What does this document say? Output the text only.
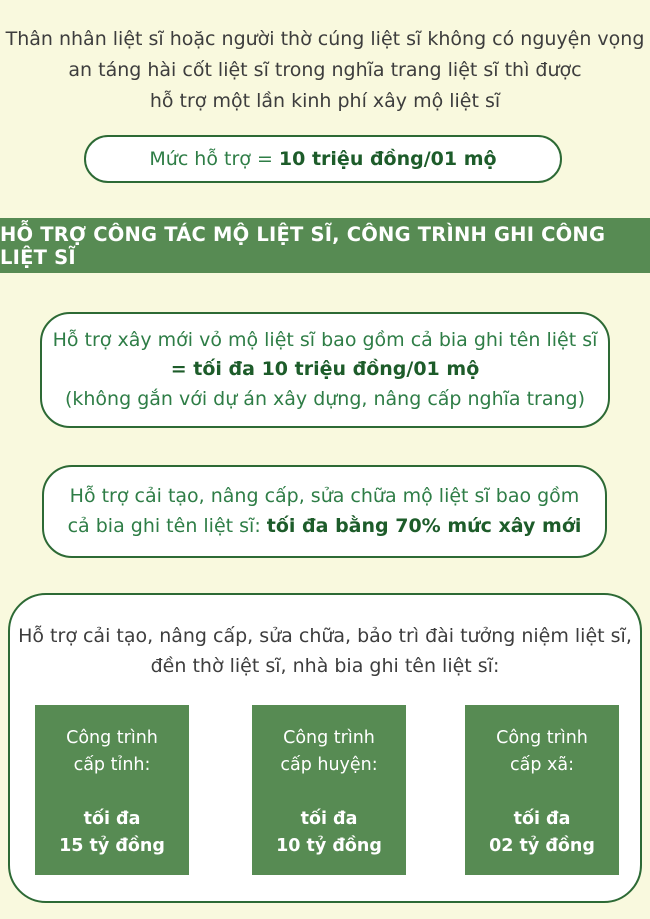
Thân nhân liệt sĩ hoặc người thờ cúng liệt sĩ không có nguyện vọng
an táng hài cốt liệt sĩ trong nghĩa trang liệt sĩ thì được
hỗ trợ một lần kinh phí xây mộ liệt sĩ
Mức hỗ trợ = 10 triệu đồng/01 mộ
HỖ TRỢ CÔNG TÁC MỘ LIỆT SĨ, CÔNG TRÌNH GHI CÔNG LIỆT SĨ
Hỗ trợ xây mới vỏ mộ liệt sĩ bao gồm cả bia ghi tên liệt sĩ
= tối đa 10 triệu đồng/01 mộ
(không gắn với dự án xây dựng, nâng cấp nghĩa trang)
Hỗ trợ cải tạo, nâng cấp, sửa chữa mộ liệt sĩ bao gồm
cả bia ghi tên liệt sĩ: tối đa bằng 70% mức xây mới
Hỗ trợ cải tạo, nâng cấp, sửa chữa, bảo trì đài tưởng niệm liệt sĩ,
đền thờ liệt sĩ, nhà bia ghi tên liệt sĩ:
Công trình
cấp tỉnh:
tối đa
15 tỷ đồng
Công trình
cấp huyện:
tối đa
10 tỷ đồng
Công trình
cấp xã:
tối đa
02 tỷ đồng
